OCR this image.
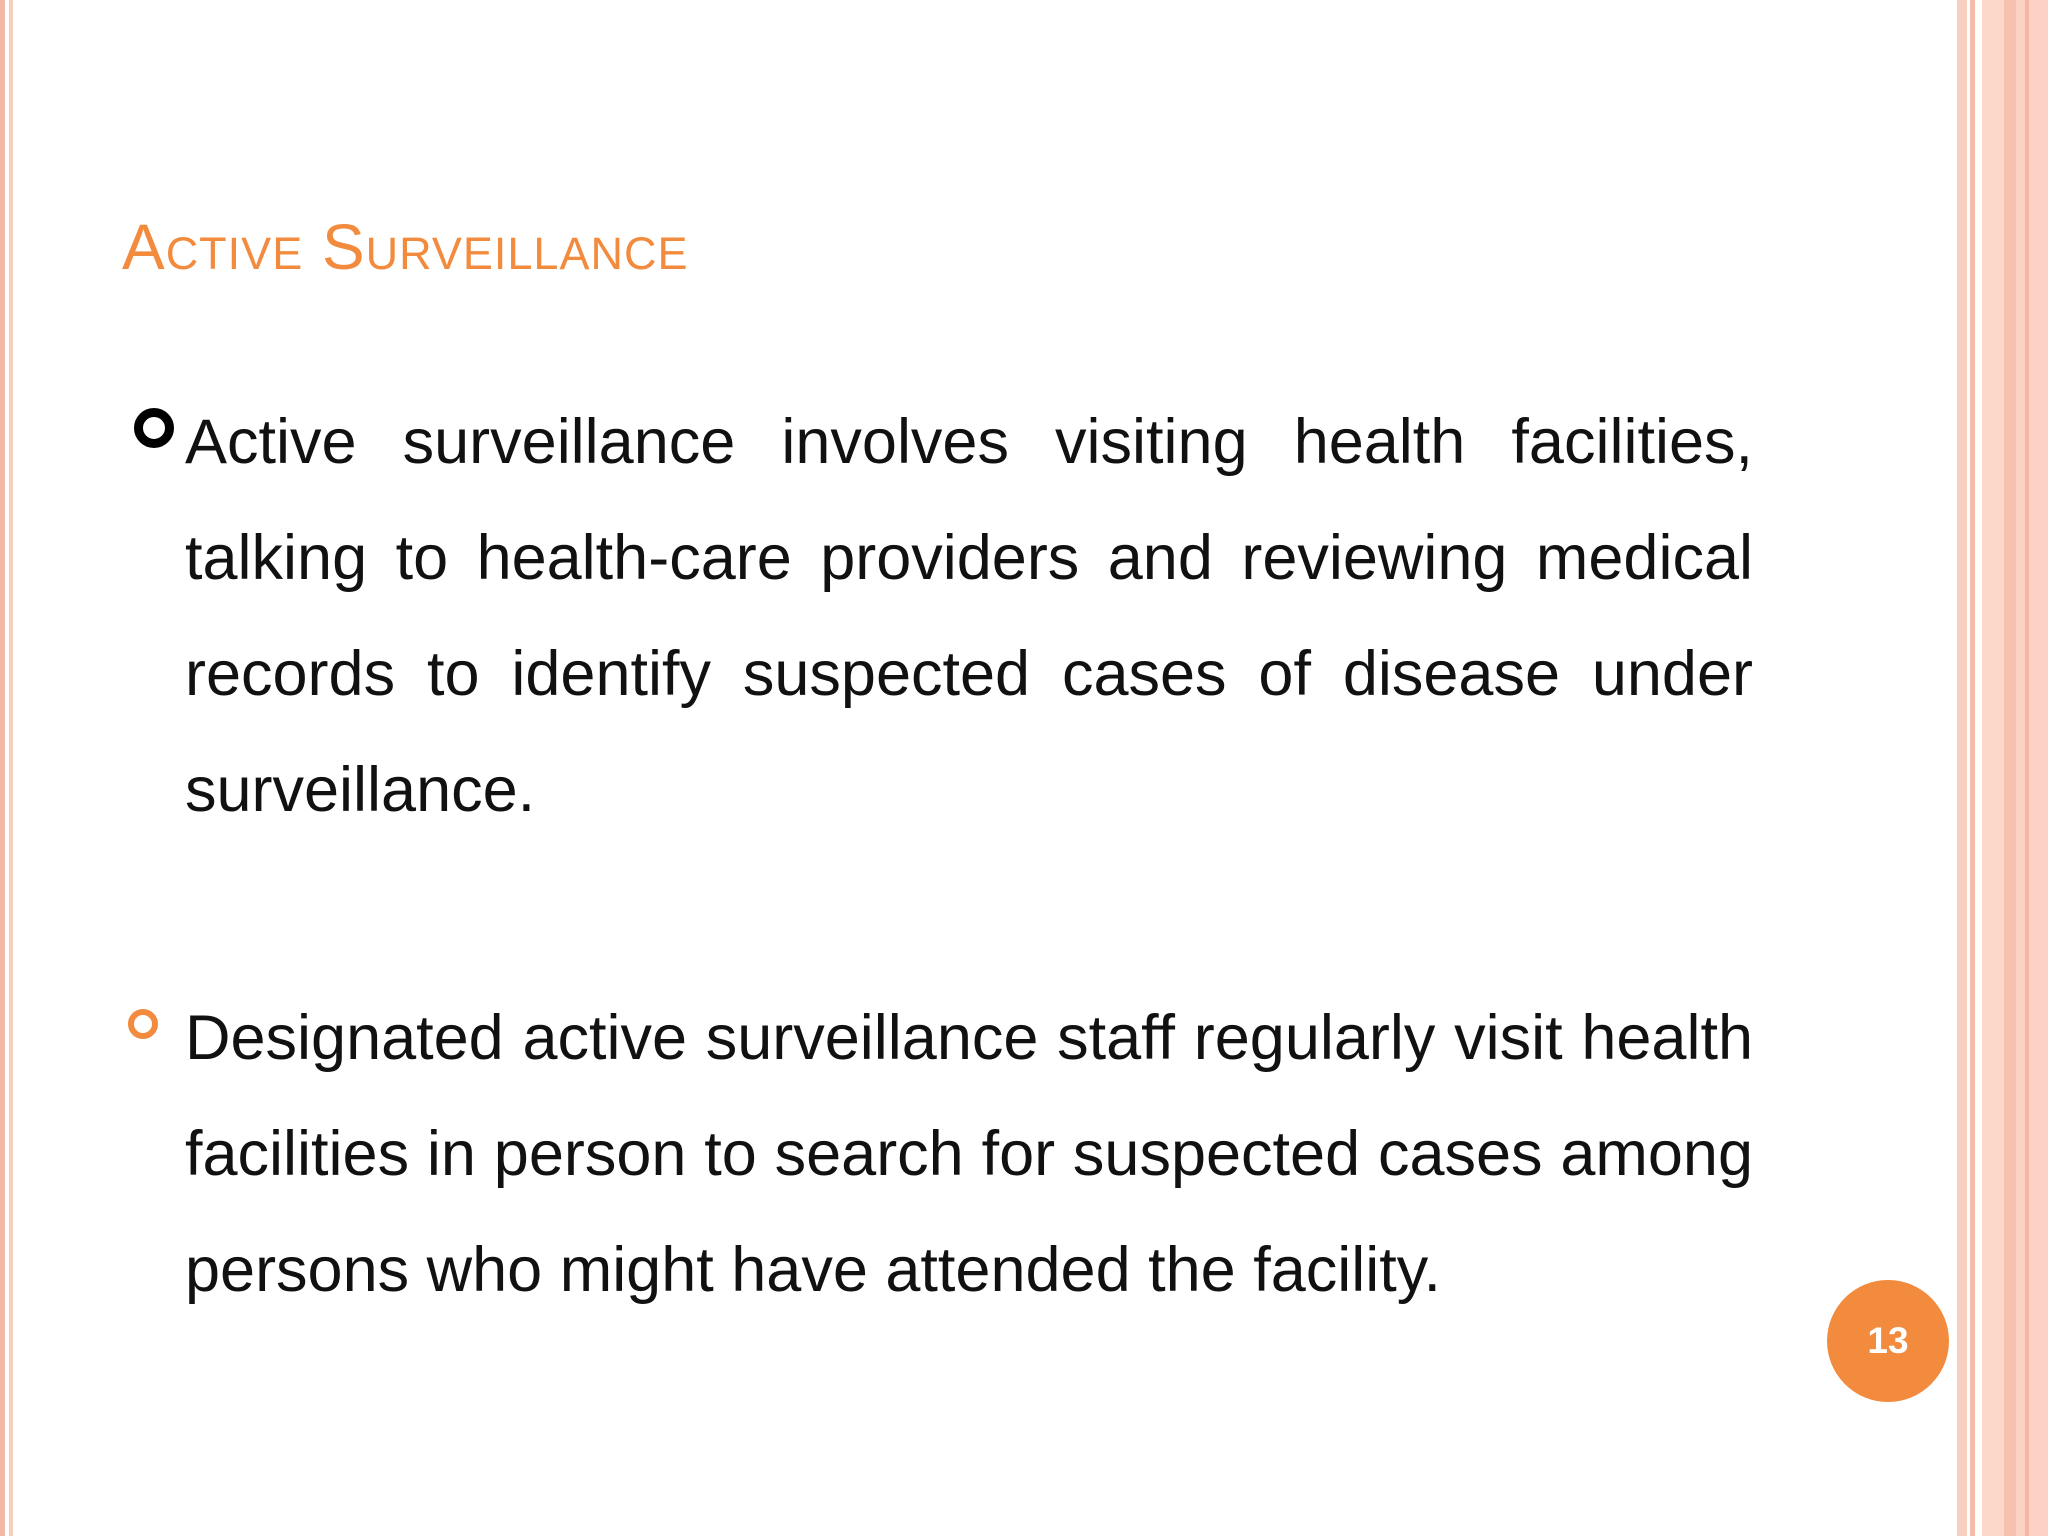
Active Surveillance

Active surveillance involves visiting health facilities, talking to health-care providers and reviewing medical records to identify suspected cases of disease under surveillance.

Designated active surveillance staff regularly visit health facilities in person to search for suspected cases among persons who might have attended the facility.

13
